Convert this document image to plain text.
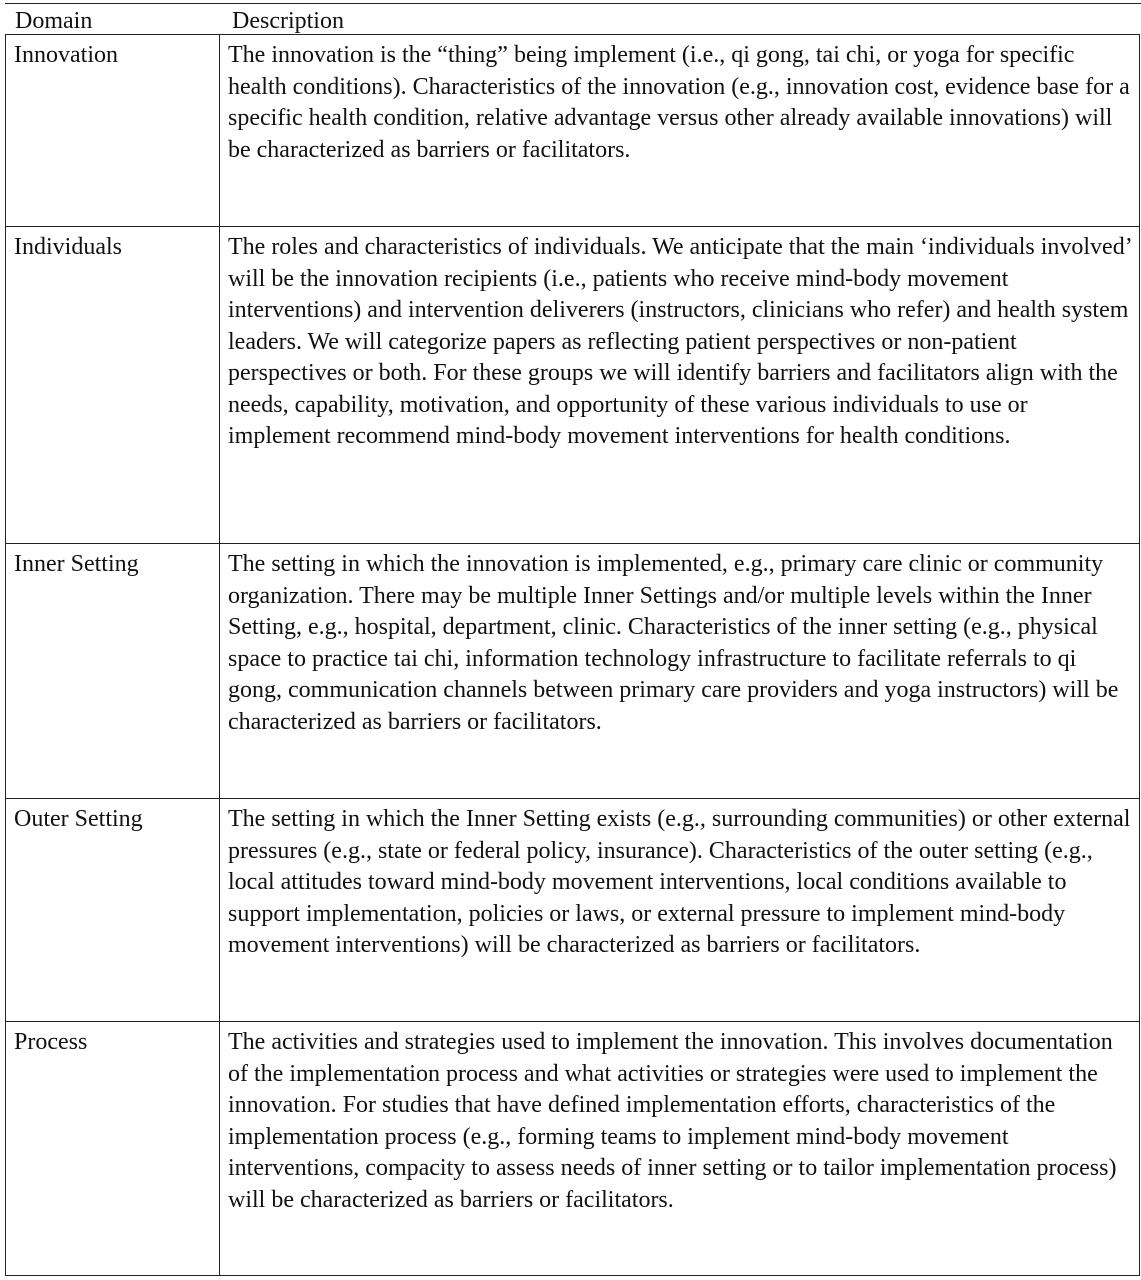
Domain	Description
Innovation	The innovation is the “thing” being implement (i.e., qi gong, tai chi, or yoga for specific health conditions). Characteristics of the innovation (e.g., innovation cost, evidence base for a specific health condition, relative advantage versus other already available innovations) will be characterized as barriers or facilitators.
Individuals	The roles and characteristics of individuals. We anticipate that the main ‘individuals involved’ will be the innovation recipients (i.e., patients who receive mind-body movement interventions) and intervention deliverers (instructors, clinicians who refer) and health system leaders. We will categorize papers as reflecting patient perspectives or non-patient perspectives or both. For these groups we will identify barriers and facilitators align with the needs, capability, motivation, and opportunity of these various individuals to use or implement recommend mind-body movement interventions for health conditions.
Inner Setting	The setting in which the innovation is implemented, e.g., primary care clinic or community organization. There may be multiple Inner Settings and/or multiple levels within the Inner Setting, e.g., hospital, department, clinic. Characteristics of the inner setting (e.g., physical space to practice tai chi, information technology infrastructure to facilitate referrals to qi gong, communication channels between primary care providers and yoga instructors) will be characterized as barriers or facilitators.
Outer Setting	The setting in which the Inner Setting exists (e.g., surrounding communities) or other external pressures (e.g., state or federal policy, insurance). Characteristics of the outer setting (e.g., local attitudes toward mind-body movement interventions, local conditions available to support implementation, policies or laws, or external pressure to implement mind-body movement interventions) will be characterized as barriers or facilitators.
Process	The activities and strategies used to implement the innovation. This involves documentation of the implementation process and what activities or strategies were used to implement the innovation. For studies that have defined implementation efforts, characteristics of the implementation process (e.g., forming teams to implement mind-body movement interventions, compacity to assess needs of inner setting or to tailor implementation process) will be characterized as barriers or facilitators.
